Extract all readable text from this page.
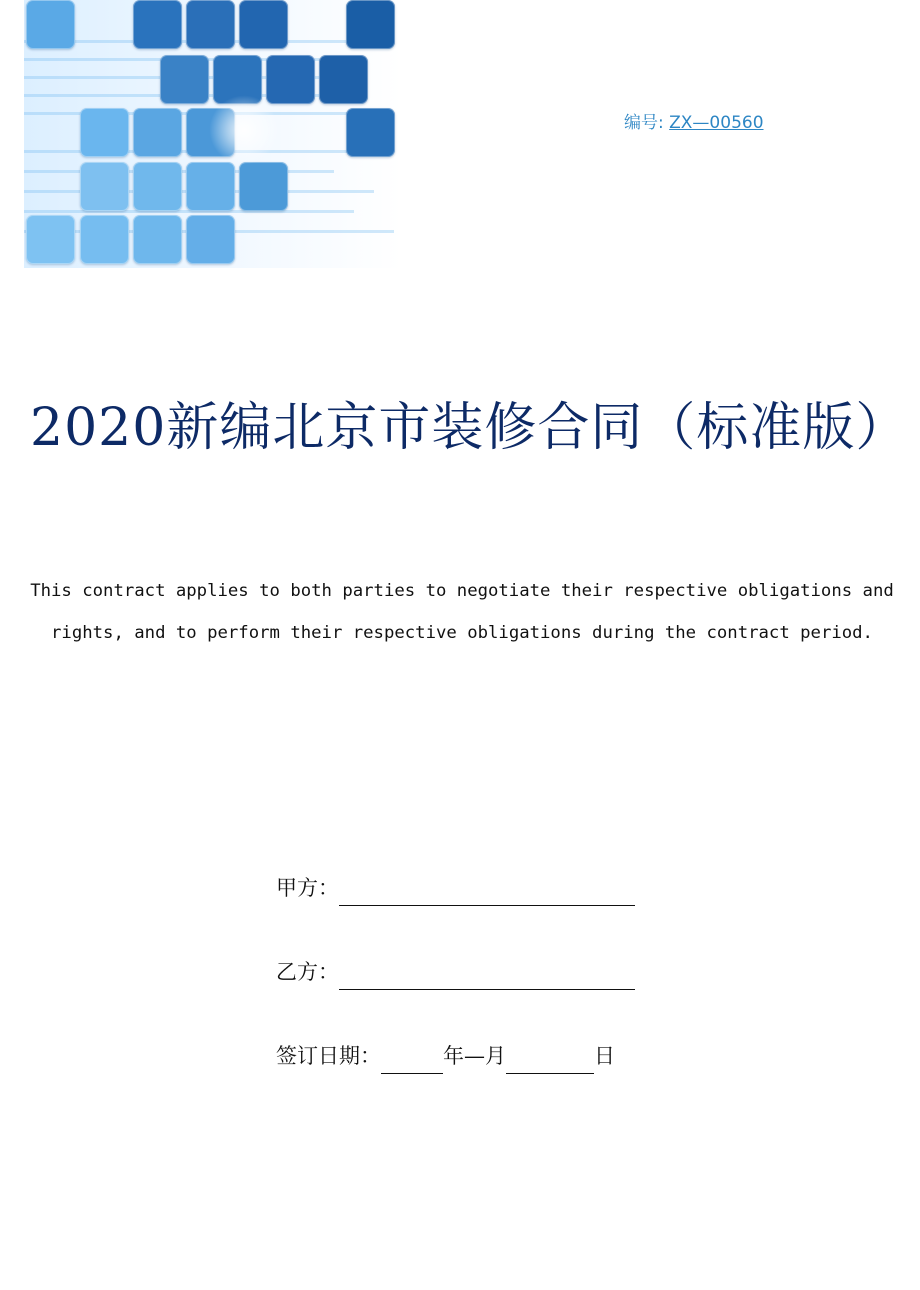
编号: ZX—00560
2020新编北京市装修合同（标准版）
This contract applies to both parties to negotiate their respective obligations and rights, and to perform their respective obligations during the contract period.
甲方：
乙方：
签订日期：	年—月	日
